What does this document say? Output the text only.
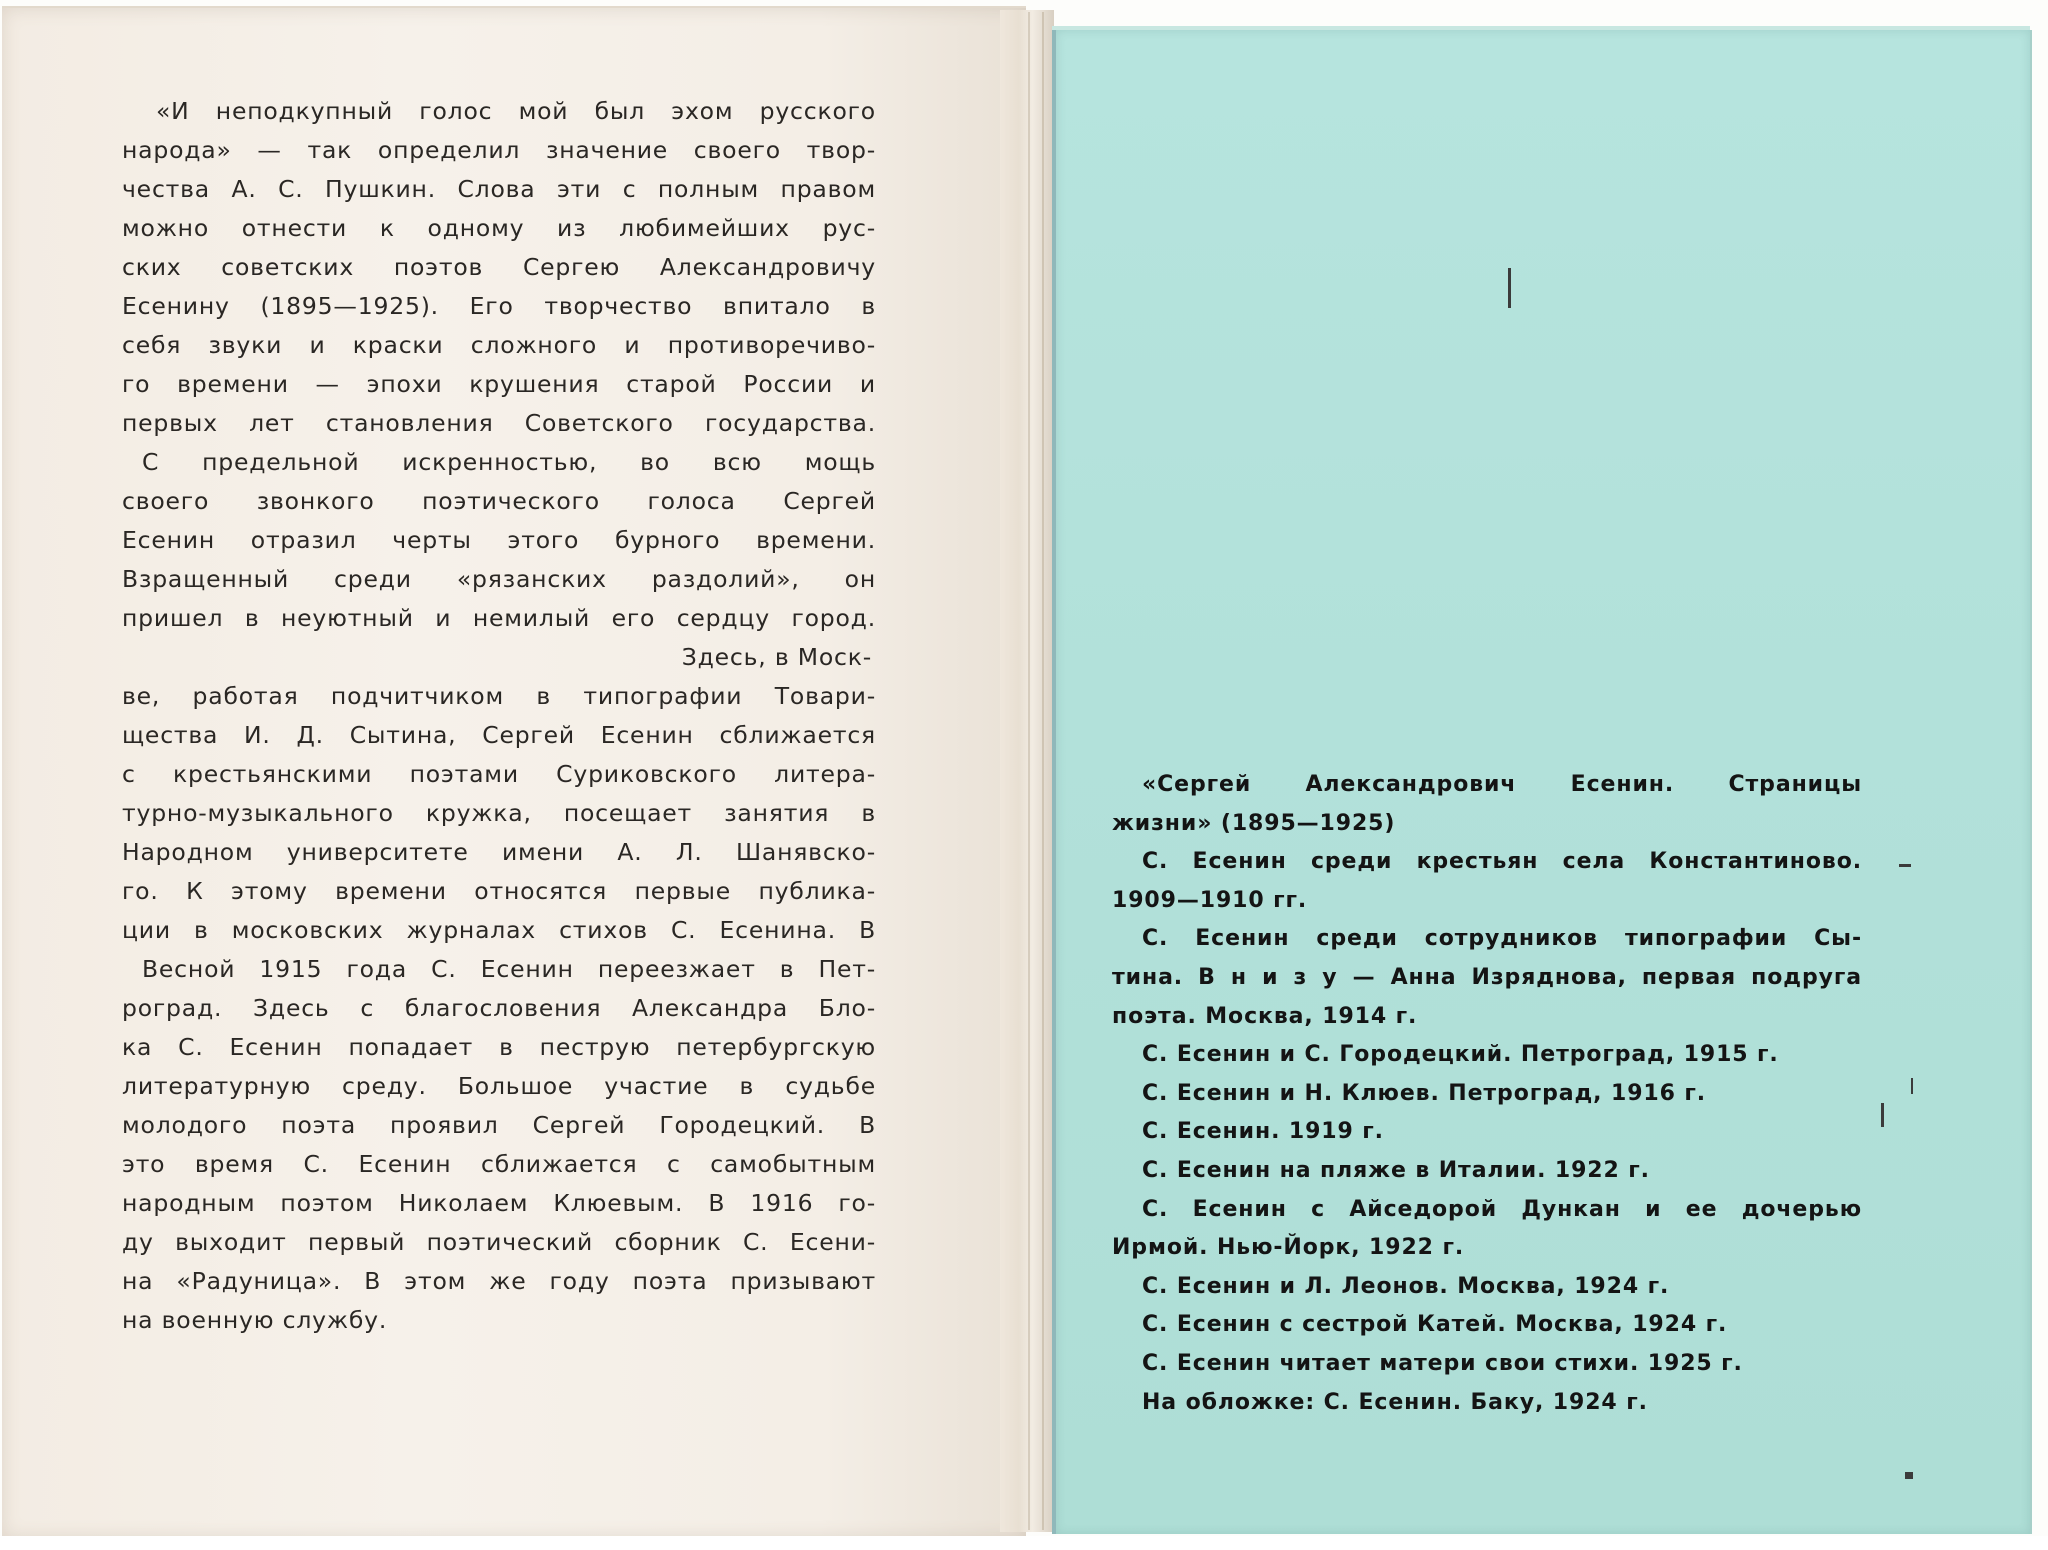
«И неподкупный голос мой был эхом русского
народа» — так определил значение своего твор-
чества А. С. Пушкин. Слова эти с полным правом
можно отнести к одному из любимейших рус-
ских советских поэтов Сергею Александровичу
Есенину (1895—1925). Его творчество впитало в
себя звуки и краски сложного и противоречиво-
го времени — эпохи крушения старой России и
первых лет становления Советского государства.
С предельной искренностью, во всю мощь
своего звонкого поэтического голоса Сергей
Есенин отразил черты этого бурного времени.
Взращенный среди «рязанских раздолий», он
пришел в неуютный и немилый его сердцу город.
Здесь, в Моск-
ве, работая подчитчиком в типографии Товари-
щества И. Д. Сытина, Сергей Есенин сближается
с крестьянскими поэтами Суриковского литера-
турно-музыкального кружка, посещает занятия в
Народном университете имени А. Л. Шанявско-
го. К этому времени относятся первые публика-
ции в московских журналах стихов С. Есенина. В
Весной 1915 года С. Есенин переезжает в Пет-
роград. Здесь с благословения Александра Бло-
ка С. Есенин попадает в пеструю петербургскую
литературную среду. Большое участие в судьбе
молодого поэта проявил Сергей Городецкий. В
это время С. Есенин сближается с самобытным
народным поэтом Николаем Клюевым. В 1916 го-
ду выходит первый поэтический сборник С. Есени-
на «Радуница». В этом же году поэта призывают
на военную службу.
«Сергей Александрович Есенин. Страницы
жизни» (1895—1925)
С. Есенин среди крестьян села Константиново.
1909—1910 гг.
С. Есенин среди сотрудников типографии Сы-
тина. В н и з у — Анна Изряднова, первая подруга
поэта. Москва, 1914 г.
С. Есенин и С. Городецкий. Петроград, 1915 г.
С. Есенин и Н. Клюев. Петроград, 1916 г.
С. Есенин. 1919 г.
С. Есенин на пляже в Италии. 1922 г.
С. Есенин с Айседорой Дункан и ее дочерью
Ирмой. Нью-Йорк, 1922 г.
С. Есенин и Л. Леонов. Москва, 1924 г.
С. Есенин с сестрой Катей. Москва, 1924 г.
С. Есенин читает матери свои стихи. 1925 г.
На обложке: С. Есенин. Баку, 1924 г.
